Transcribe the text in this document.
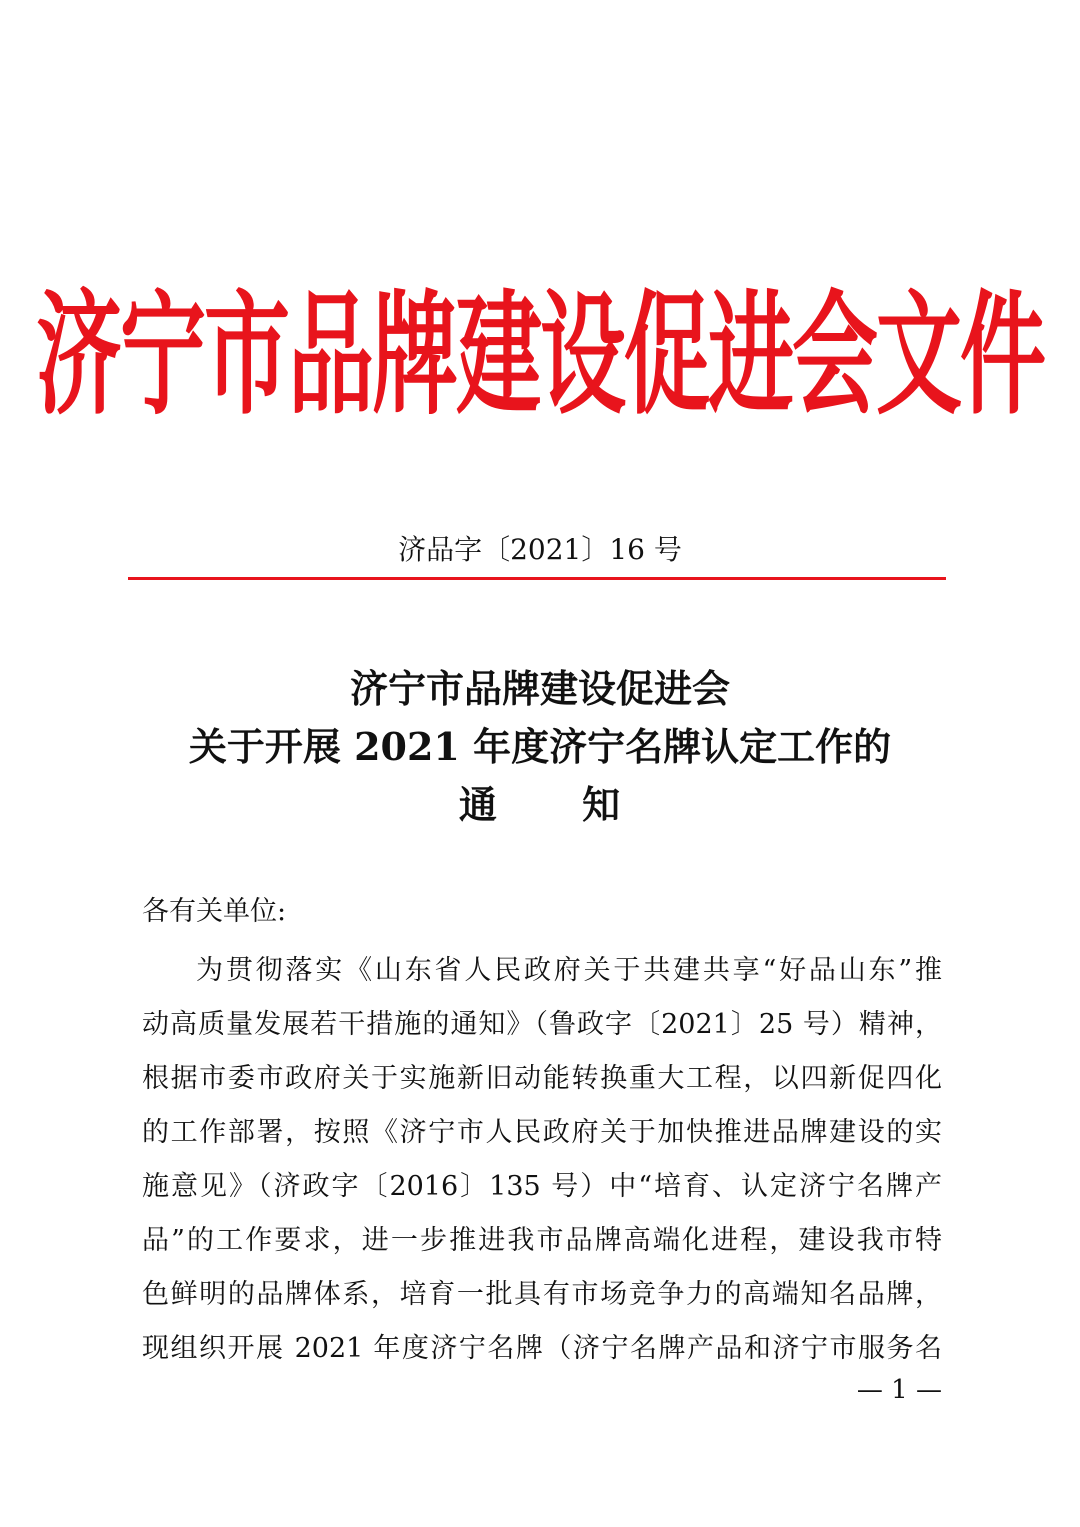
济宁市品牌建设促进会文件
济品字〔2021〕16 号
济宁市品牌建设促进会
关于开展 2021 年度济宁名牌认定工作的
通 知
各有关单位:
为贯彻落实《山东省人民政府关于共建共享“好品山东”推
动高质量发展若干措施的通知》（鲁政字〔2021〕25 号）精神，
根据市委市政府关于实施新旧动能转换重大工程，以四新促四化
的工作部署，按照《济宁市人民政府关于加快推进品牌建设的实
施意见》（济政字〔2016〕135 号）中“培育、认定济宁名牌产
品”的工作要求，进一步推进我市品牌高端化进程，建设我市特
色鲜明的品牌体系，培育一批具有市场竞争力的高端知名品牌，
现组织开展 2021 年度济宁名牌（济宁名牌产品和济宁市服务名
— 1 —
